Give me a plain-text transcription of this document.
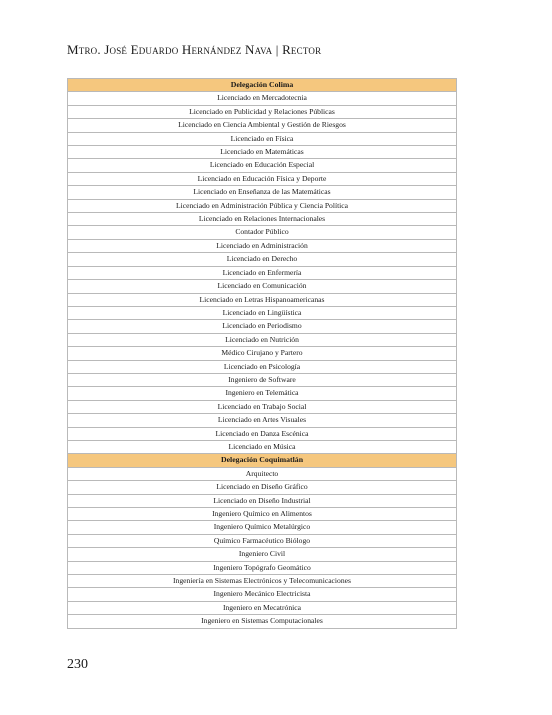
Mtro. José Eduardo Hernández Nava | Rector
Delegación Colima
Licenciado en Mercadotecnia
Licenciado en Publicidad y Relaciones Públicas
Licenciado en Ciencia Ambiental y Gestión de Riesgos
Licenciado en Física
Licenciado en Matemáticas
Licenciado en Educación Especial
Licenciado en Educación Física y Deporte
Licenciado en Enseñanza de las Matemáticas
Licenciado en Administración Pública y Ciencia Política
Licenciado en Relaciones Internacionales
Contador Público
Licenciado en Administración
Licenciado en Derecho
Licenciado en Enfermería
Licenciado en Comunicación
Licenciado en Letras Hispanoamericanas
Licenciado en Lingüística
Licenciado en Periodismo
Licenciado en Nutrición
Médico Cirujano y Partero
Licenciado en Psicología
Ingeniero de Software
Ingeniero en Telemática
Licenciado en Trabajo Social
Licenciado en Artes Visuales
Licenciado en Danza Escénica
Licenciado en Música
Delegación Coquimatlán
Arquitecto
Licenciado en Diseño Gráfico
Licenciado en Diseño Industrial
Ingeniero Químico en Alimentos
Ingeniero Químico Metalúrgico
Químico Farmacéutico Biólogo
Ingeniero Civil
Ingeniero Topógrafo Geomático
Ingeniería en Sistemas Electrónicos y Telecomunicaciones
Ingeniero Mecánico Electricista
Ingeniero en Mecatrónica
Ingeniero en Sistemas Computacionales
230
